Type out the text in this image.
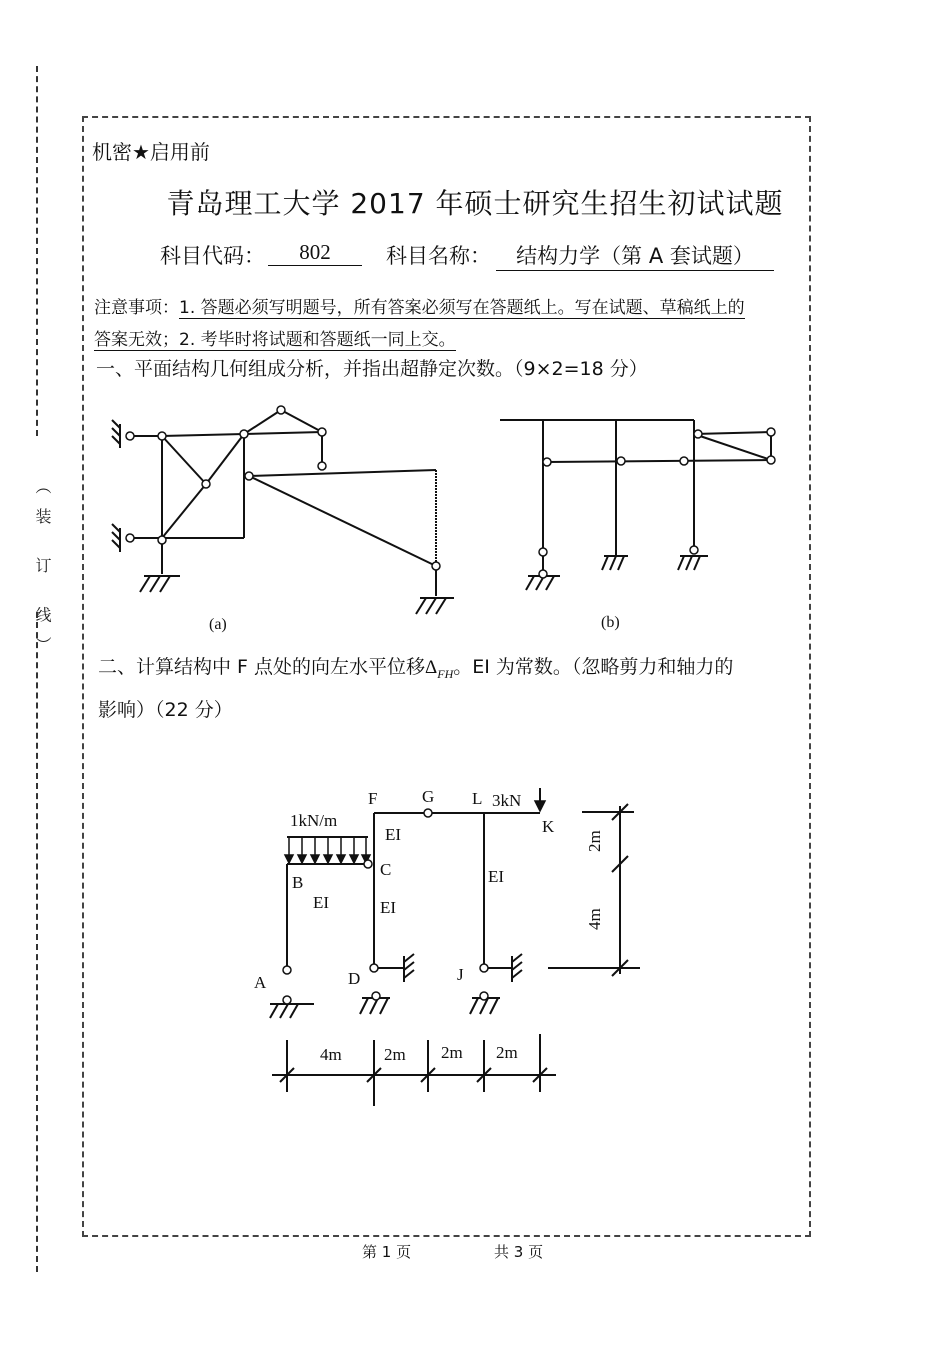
（装 订 线）
机密★启用前
青岛理工大学 2017 年硕士研究生招生初试试题
科目代码：	802	科目名称：	结构力学（第 A 套试题）
注意事项：1. 答题必须写明题号，所有答案必须写在答题纸上。写在试题、草稿纸上的
答案无效；2. 考毕时将试题和答题纸一同上交。
一、平面结构几何组成分析，并指出超静定次数。（9×2=18 分）
(a)	(b)
二、计算结构中 F 点处的向左水平位移$\Delta_{FH}$。EI 为常数。（忽略剪力和轴力的
影响）（22 分）
3kN
1kN/m
A
B
C
D
F	G L
K
J
EI
EI	EI
EI
4m 2m 2m 2m
2m
4m
第 1 页	共 3 页
